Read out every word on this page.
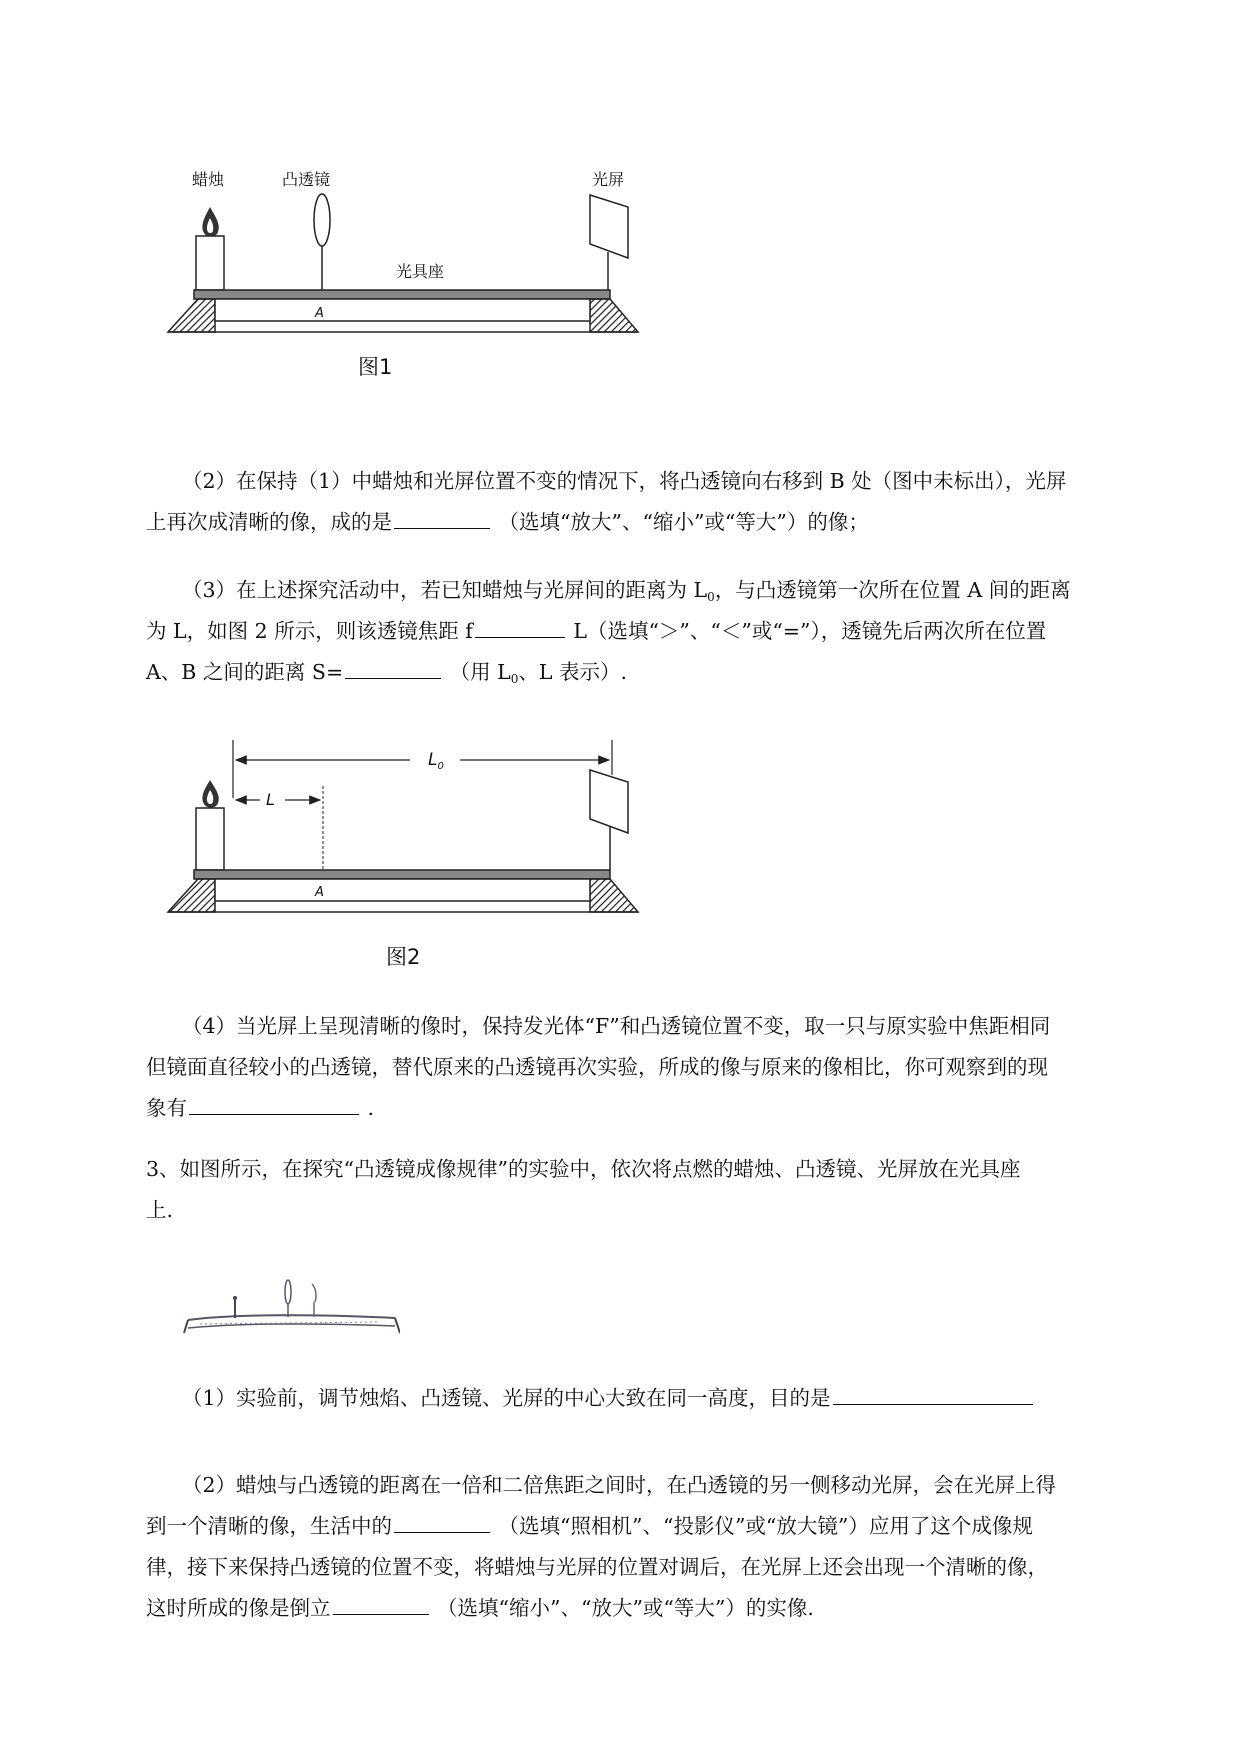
蜡烛	凸透镜	光屏
光具座
A
图1
（2）在保持（1）中蜡烛和光屏位置不变的情况下，将凸透镜向右移到 B 处（图中未标出），光屏
上再次成清晰的像，成的是	（选填“放大”、“缩小”或“等大”）的像；
（3）在上述探究活动中，若已知蜡烛与光屏间的距离为 $L_0$，与凸透镜第一次所在位置 A 间的距离
为 L，如图 2 所示，则该透镜焦距 f	L（选填“＞”、“＜”或“=”），透镜先后两次所在位置
A、B 之间的距离 S=	（用 $L_0$、L 表示）.
$L_0$
L
A
图2
（4）当光屏上呈现清晰的像时，保持发光体“F”和凸透镜位置不变，取一只与原实验中焦距相同
但镜面直径较小的凸透镜，替代原来的凸透镜再次实验，所成的像与原来的像相比，你可观察到的现
象有	.
3、如图所示，在探究“凸透镜成像规律”的实验中，依次将点燃的蜡烛、凸透镜、光屏放在光具座
上.
（1）实验前，调节烛焰、凸透镜、光屏的中心大致在同一高度，目的是
（2）蜡烛与凸透镜的距离在一倍和二倍焦距之间时，在凸透镜的另一侧移动光屏，会在光屏上得
到一个清晰的像，生活中的	（选填“照相机”、“投影仪”或“放大镜”）应用了这个成像规
律，接下来保持凸透镜的位置不变，将蜡烛与光屏的位置对调后，在光屏上还会出现一个清晰的像，
这时所成的像是倒立	（选填“缩小”、“放大”或“等大”）的实像.
